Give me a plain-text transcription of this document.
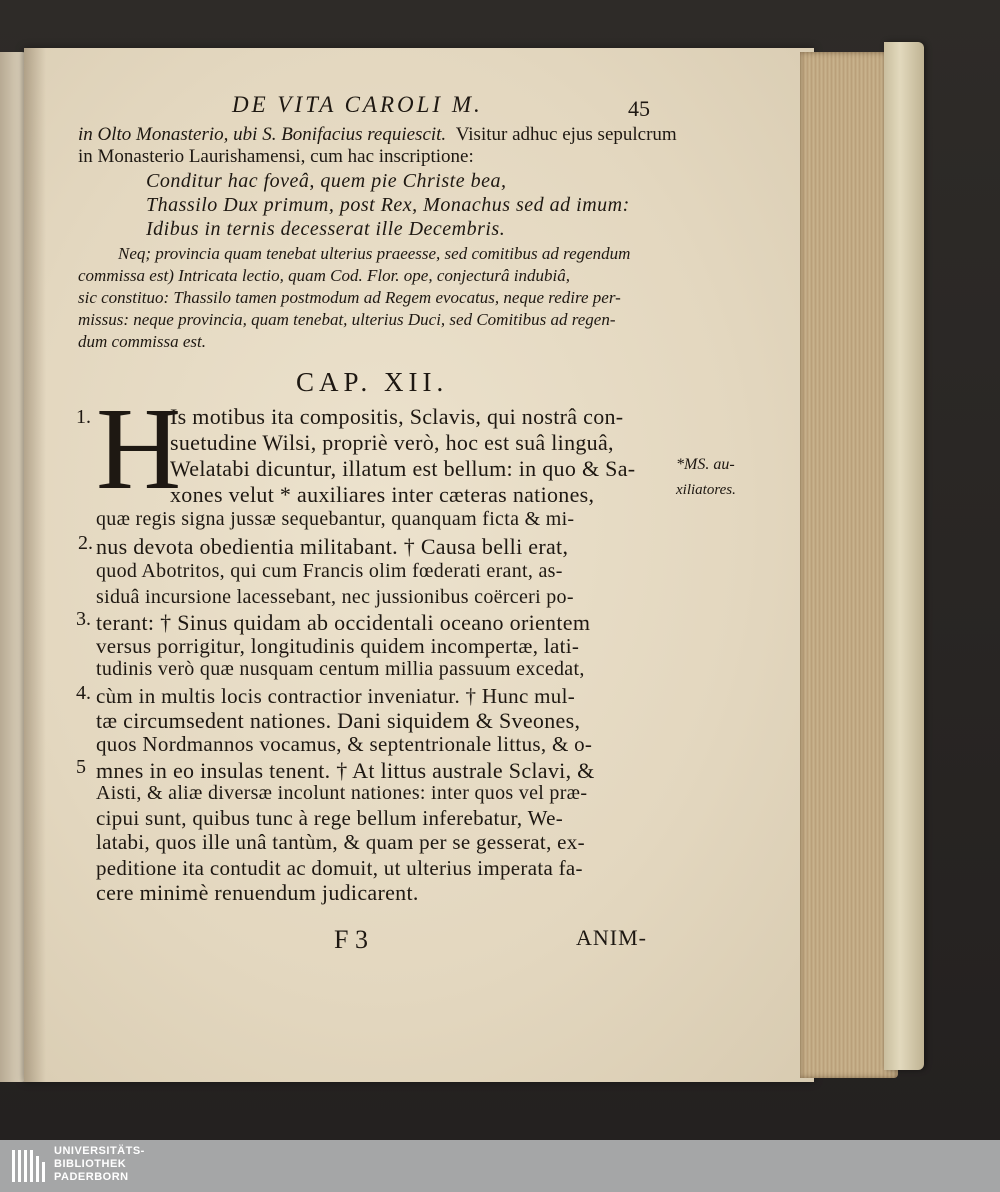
DE VITA CAROLI M.	45
in Olto Monasterio, ubi S. Bonifacius requiescit. Visitur adhuc ejus sepulcrum
in Monasterio Laurishamensi, cum hac inscriptione:
Conditur hac foveâ, quem pie Christe bea,
Thassilo Dux primum, post Rex, Monachus sed ad imum:
Idibus in ternis decesserat ille Decembris.
Neq; provincia quam tenebat ulterius praeesse, sed comitibus ad regendum
commissa est) Intricata lectio, quam Cod. Flor. ope, conjecturâ indubiâ,
sic constituo: Thassilo tamen postmodum ad Regem evocatus, neque redire per-
missus: neque provincia, quam tenebat, ulterius Duci, sed Comitibus ad regen-
dum commissa est.
CAP. XII.
H
1.
2.
3.
4.
5
Is motibus ita compositis, Sclavis, qui nostrâ con-
suetudine Wilsi, propriè verò, hoc est suâ linguâ,
Welatabi dicuntur, illatum est bellum: in quo & Sa-
xones velut * auxiliares inter cæteras nationes,
quæ regis signa jussæ sequebantur, quanquam ficta & mi-
nus devota obedientia militabant. † Causa belli erat,
quod Abotritos, qui cum Francis olim fœderati erant, as-
siduâ incursione lacessebant, nec jussionibus coërceri po-
terant: † Sinus quidam ab occidentali oceano orientem
versus porrigitur, longitudinis quidem incompertæ, lati-
tudinis verò quæ nusquam centum millia passuum excedat,
cùm in multis locis contractior inveniatur. † Hunc mul-
tæ circumsedent nationes. Dani siquidem & Sveones,
quos Nordmannos vocamus, & septentrionale littus, & o-
mnes in eo insulas tenent. † At littus australe Sclavi, &
Aisti, & aliæ diversæ incolunt nationes: inter quos vel præ-
cipui sunt, quibus tunc à rege bellum inferebatur, We-
latabi, quos ille unâ tantùm, & quam per se gesserat, ex-
peditione ita contudit ac domuit, ut ulterius imperata fa-
cere minimè renuendum judicarent.
*MS. au-
xiliatores.
F 3	ANIM-
UNIVERSITÄTS-
BIBLIOTHEK
PADERBORN
